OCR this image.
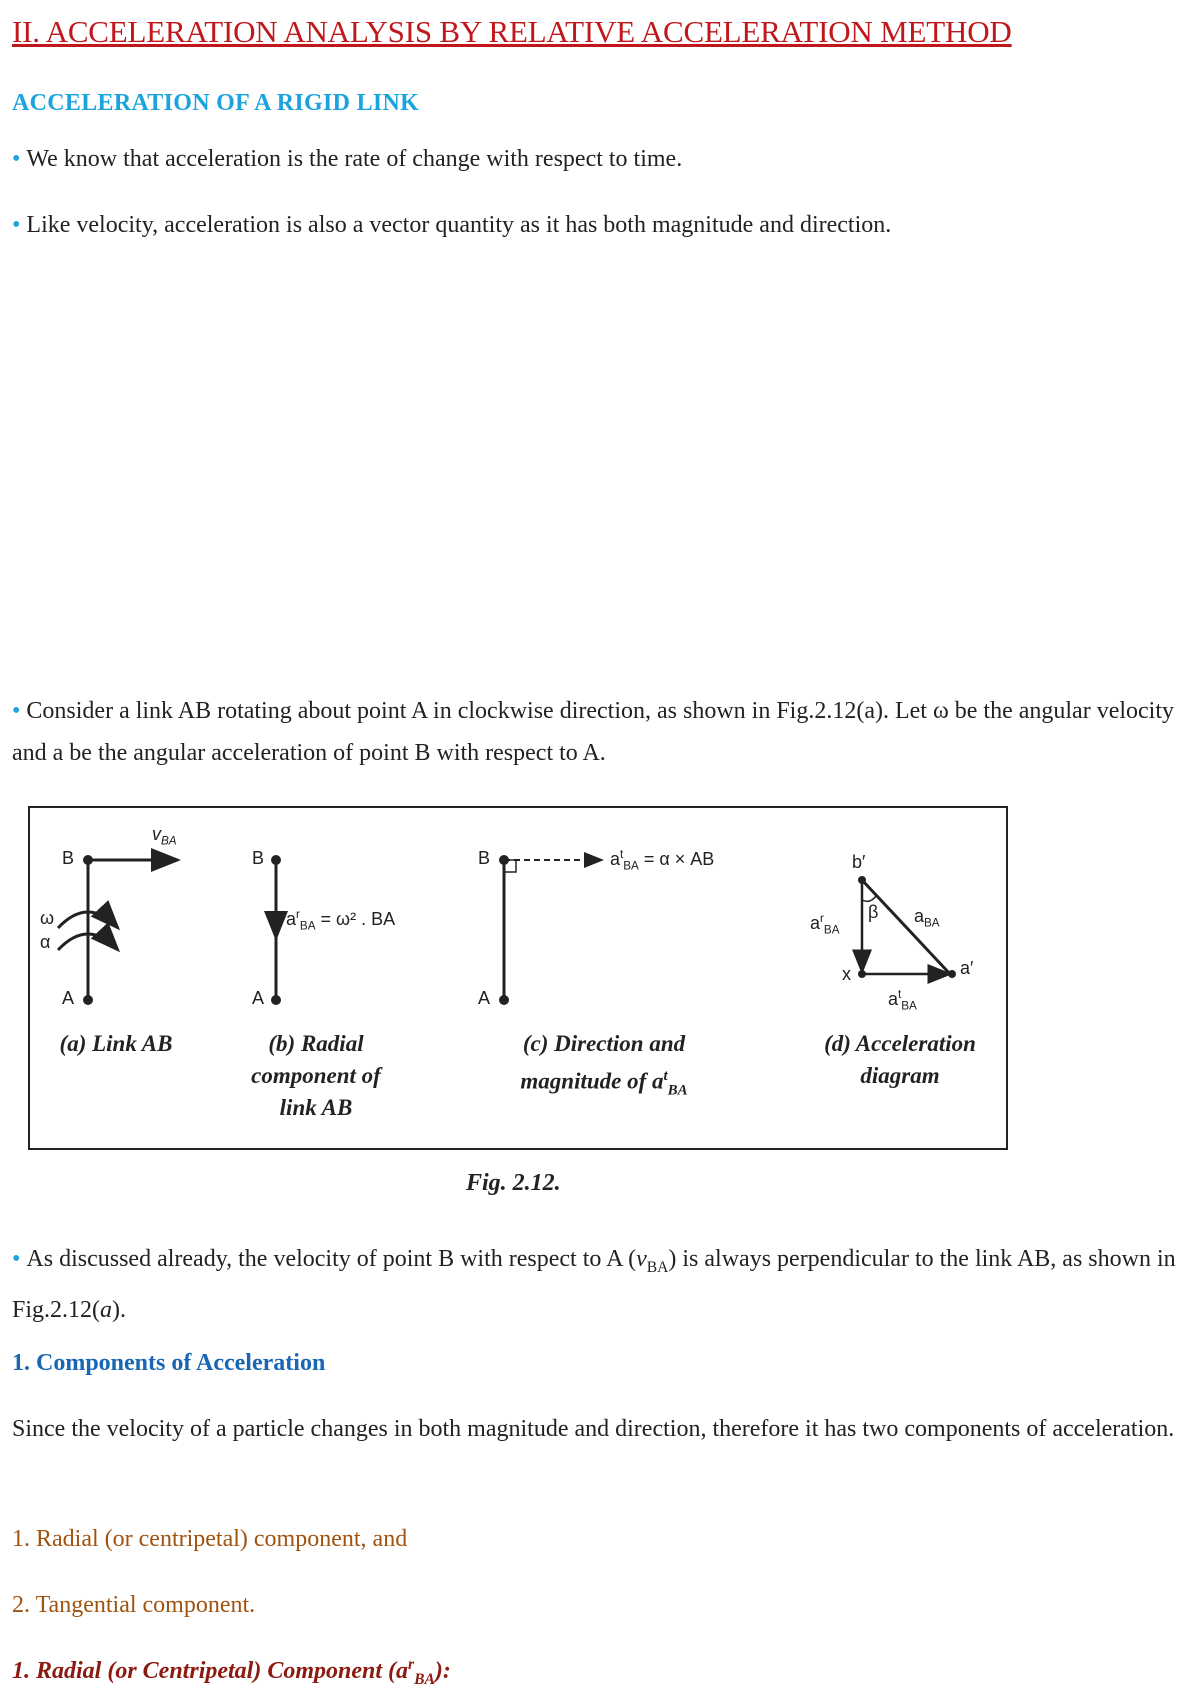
II. ACCELERATION ANALYSIS BY RELATIVE ACCELERATION METHOD
ACCELERATION OF A RIGID LINK
• We know that acceleration is the rate of change with respect to time.
• Like velocity, acceleration is also a vector quantity as it has both magnitude and direction.
• Consider a link AB rotating about point A in clockwise direction, as shown in Fig.2.12(a). Let ω be the angular velocity and a be the angular acceleration of point B with respect to A.
B
A
$v_{BA}$
ω
α
(a) Link AB
B
A
$a^r_{BA} = \omega^2$ . BA
(b) Radial
component of
link AB
B
A
$a^t_{BA} = \alpha$ × AB
(c) Direction and
magnitude of $a^t_{BA}$
b′
β $a_{BA}$
$a^r_{BA}$
x	a′
$a^t_{BA}$
(d) Acceleration
diagram
Fig. 2.12.
• As discussed already, the velocity of point B with respect to A $(v_{BA})$ is always perpendicular to the link AB, as shown in Fig.2.12(a).
1. Components of Acceleration
Since the velocity of a particle changes in both magnitude and direction, therefore it has two components of acceleration.
1. Radial (or centripetal) component, and
2. Tangential component.
1. Radial (or Centripetal) Component $(a^r_{BA})$:
